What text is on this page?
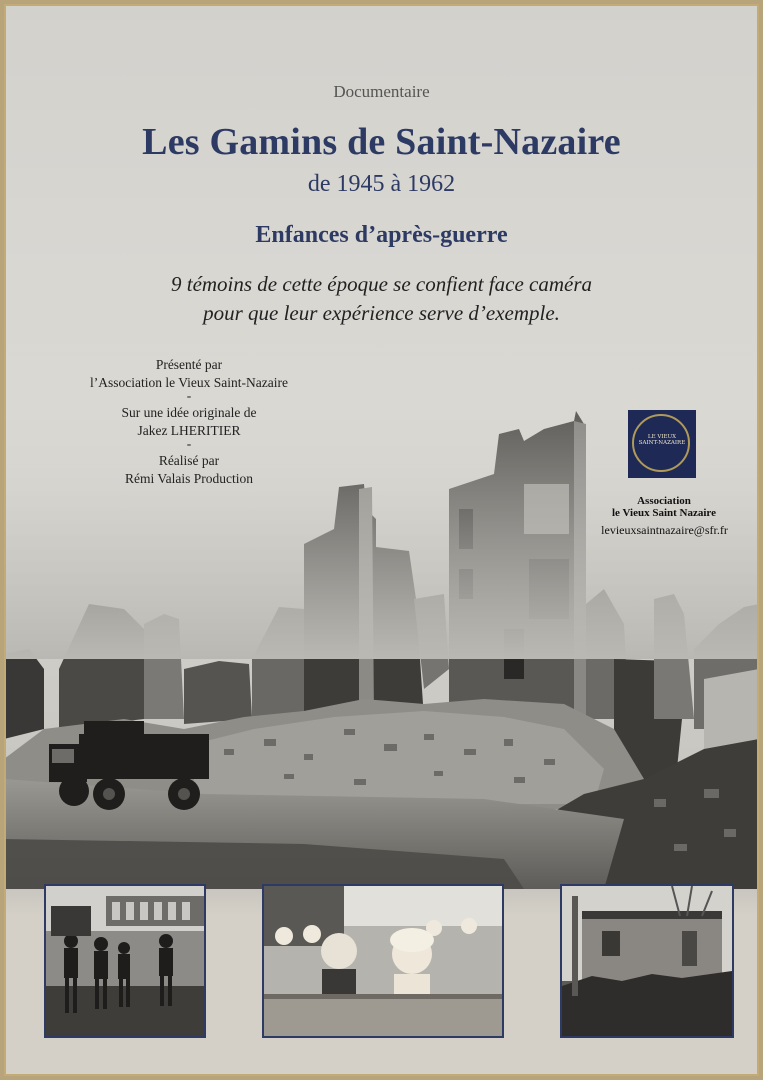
Documentaire
Les Gamins de Saint-Nazaire
de 1945 à 1962
Enfances d’après-guerre
9 témoins de cette époque se confient face caméra
pour que leur expérience serve d’exemple.
Présenté par
l’Association le Vieux Saint-Nazaire
-
Sur une idée originale de
Jakez LHERITIER
-
Réalisé par
Rémi Valais Production
LE VIEUX
SAINT-NAZAIRE
Association
le Vieux Saint Nazaire
levieuxsaintnazaire@sfr.fr
